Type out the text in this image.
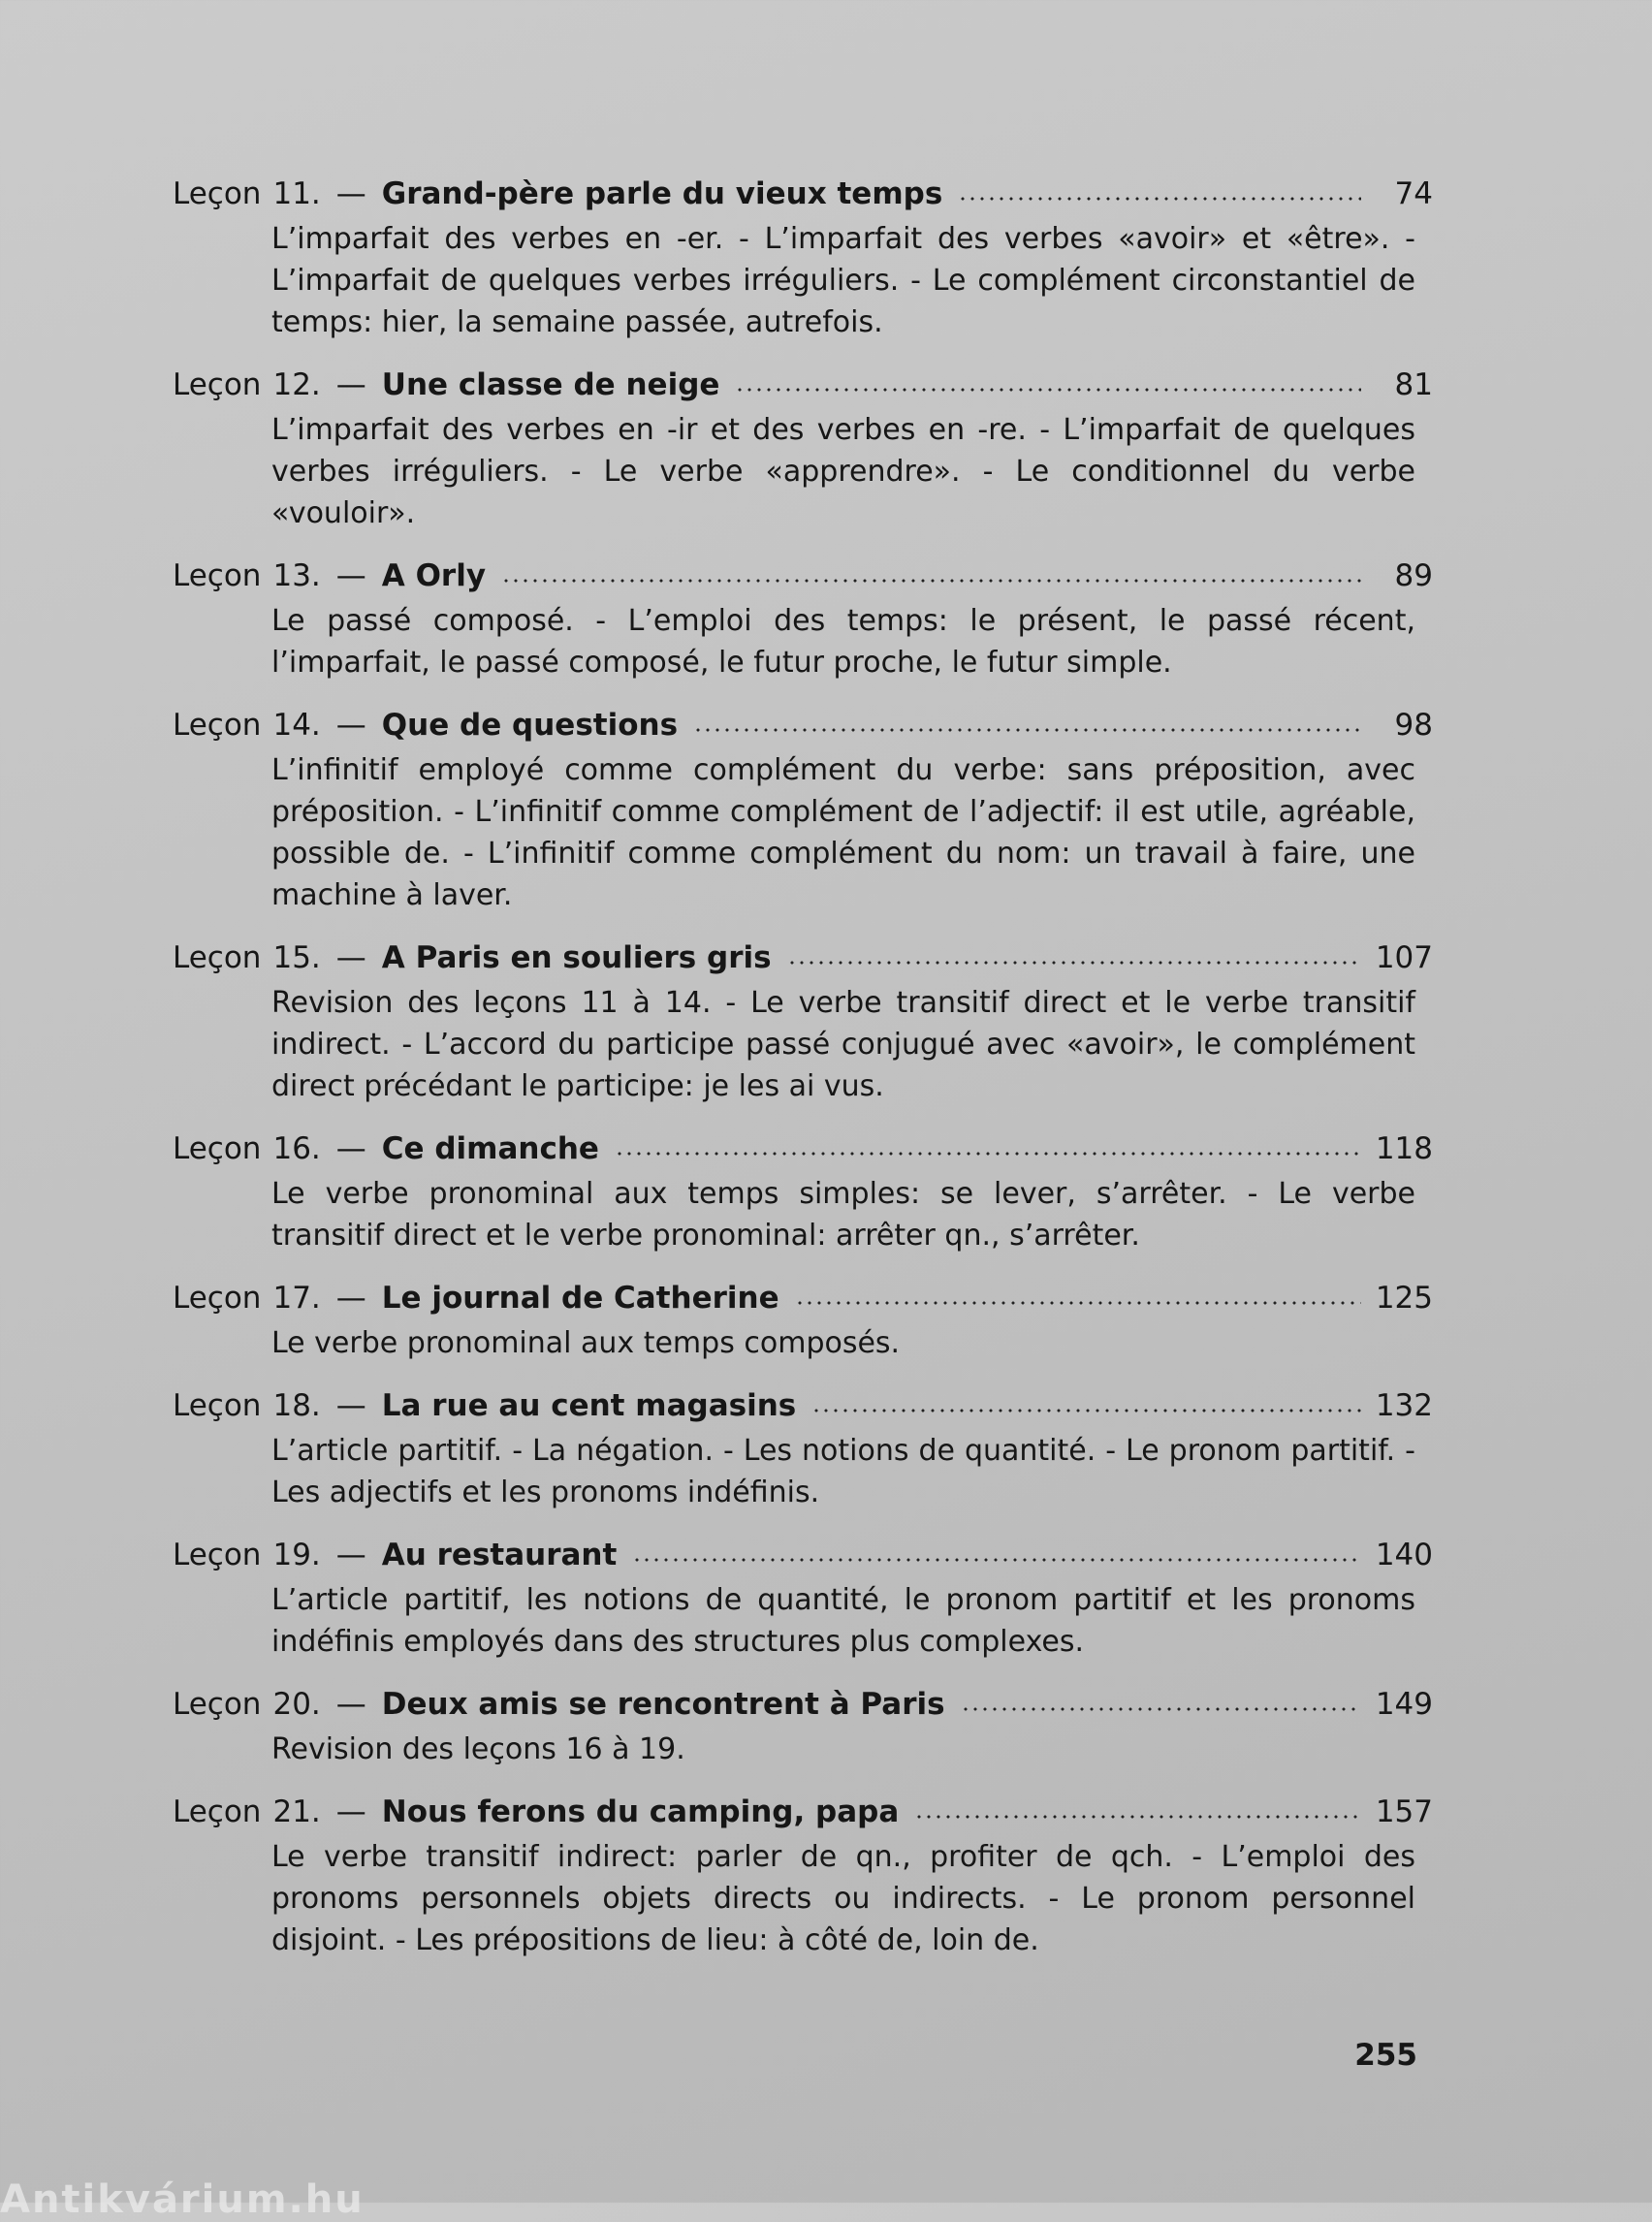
Leçon 11. — Grand-père parle du vieux temps	74
L’imparfait des verbes en -er. - L’imparfait des verbes «avoir» et «être». - L’imparfait de quelques verbes irréguliers. - Le complément circonstantiel de temps: hier, la semaine passée, autrefois.
Leçon 12. — Une classe de neige	81
L’imparfait des verbes en -ir et des verbes en -re. - L’imparfait de quelques verbes irréguliers. - Le verbe «apprendre». - Le conditionnel du verbe «vouloir».
Leçon 13. — A Orly	89
Le passé composé. - L’emploi des temps: le présent, le passé récent, l’imparfait, le passé composé, le futur proche, le futur simple.
Leçon 14. — Que de questions	98
L’infinitif employé comme complément du verbe: sans préposition, avec préposition. - L’infinitif comme complément de l’adjectif: il est utile, agréable, possible de. - L’infinitif comme complément du nom: un travail à faire, une machine à laver.
Leçon 15. — A Paris en souliers gris	107
Revision des leçons 11 à 14. - Le verbe transitif direct et le verbe transitif indirect. - L’accord du participe passé conjugué avec «avoir», le complément direct précédant le participe: je les ai vus.
Leçon 16. — Ce dimanche	118
Le verbe pronominal aux temps simples: se lever, s’arrêter. - Le verbe transitif direct et le verbe pronominal: arrêter qn., s’arrêter.
Leçon 17. — Le journal de Catherine	125
Le verbe pronominal aux temps composés.
Leçon 18. — La rue au cent magasins	132
L’article partitif. - La négation. - Les notions de quantité. - Le pronom partitif. - Les adjectifs et les pronoms indéfinis.
Leçon 19. — Au restaurant	140
L’article partitif, les notions de quantité, le pronom partitif et les pronoms indéfinis employés dans des structures plus complexes.
Leçon 20. — Deux amis se rencontrent à Paris	149
Revision des leçons 16 à 19.
Leçon 21. — Nous ferons du camping, papa	157
Le verbe transitif indirect: parler de qn., profiter de qch. - L’emploi des pronoms personnels objets directs ou indirects. - Le pronom personnel disjoint. - Les prépositions de lieu: à côté de, loin de.
255
Antikvárium.hu
